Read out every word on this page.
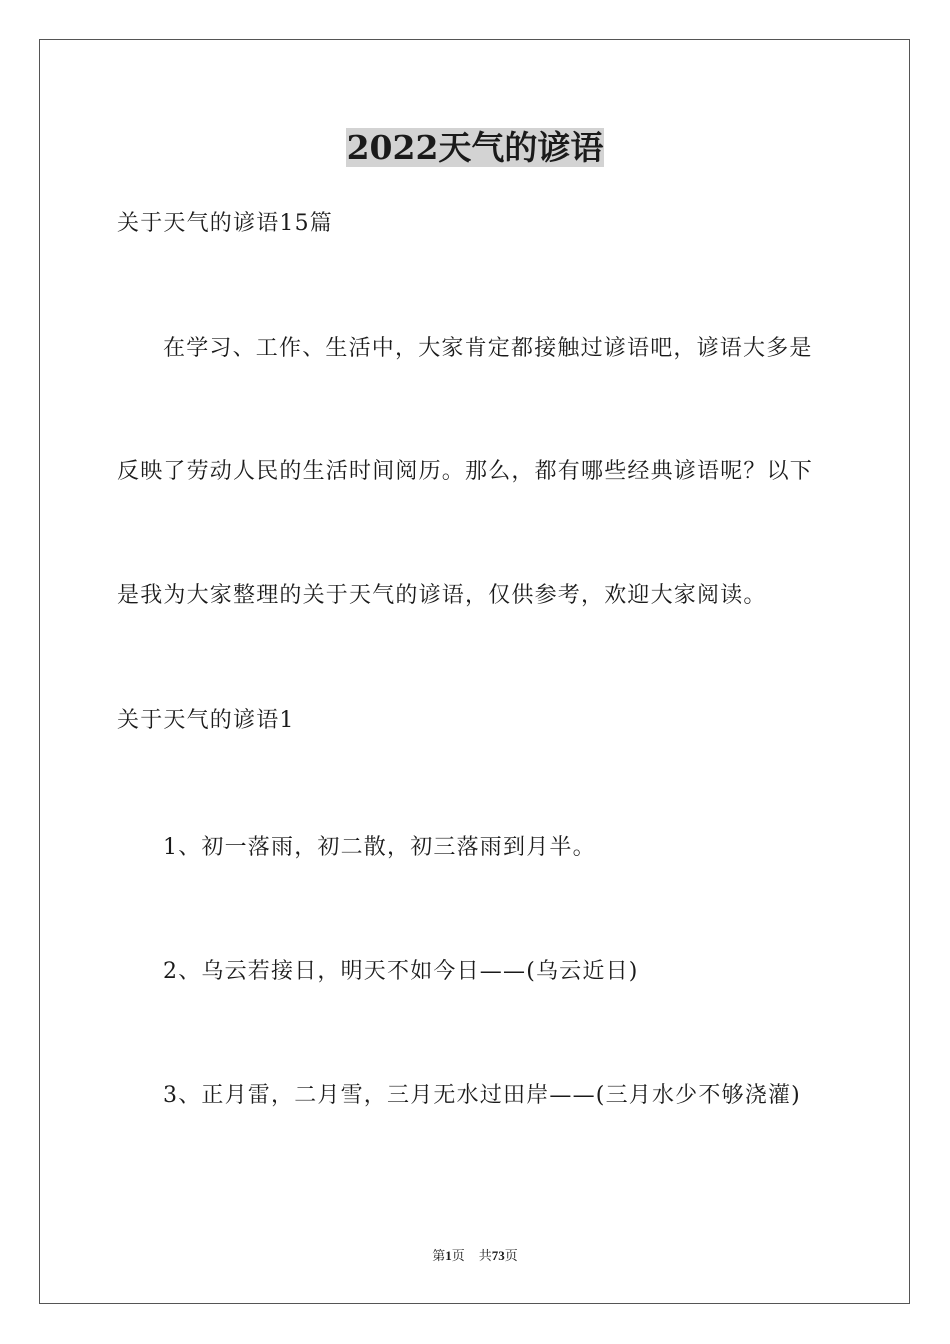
2022天气的谚语
关于天气的谚语15篇
在学习、工作、生活中，大家肯定都接触过谚语吧，谚语大多是
反映了劳动人民的生活时间阅历。那么，都有哪些经典谚语呢？以下
是我为大家整理的关于天气的谚语，仅供参考，欢迎大家阅读。
关于天气的谚语1
1、初一落雨，初二散，初三落雨到月半。
2、乌云若接日，明天不如今日——(乌云近日)
3、正月雷，二月雪，三月无水过田岸——(三月水少不够浇灌)
第1页 共73页
